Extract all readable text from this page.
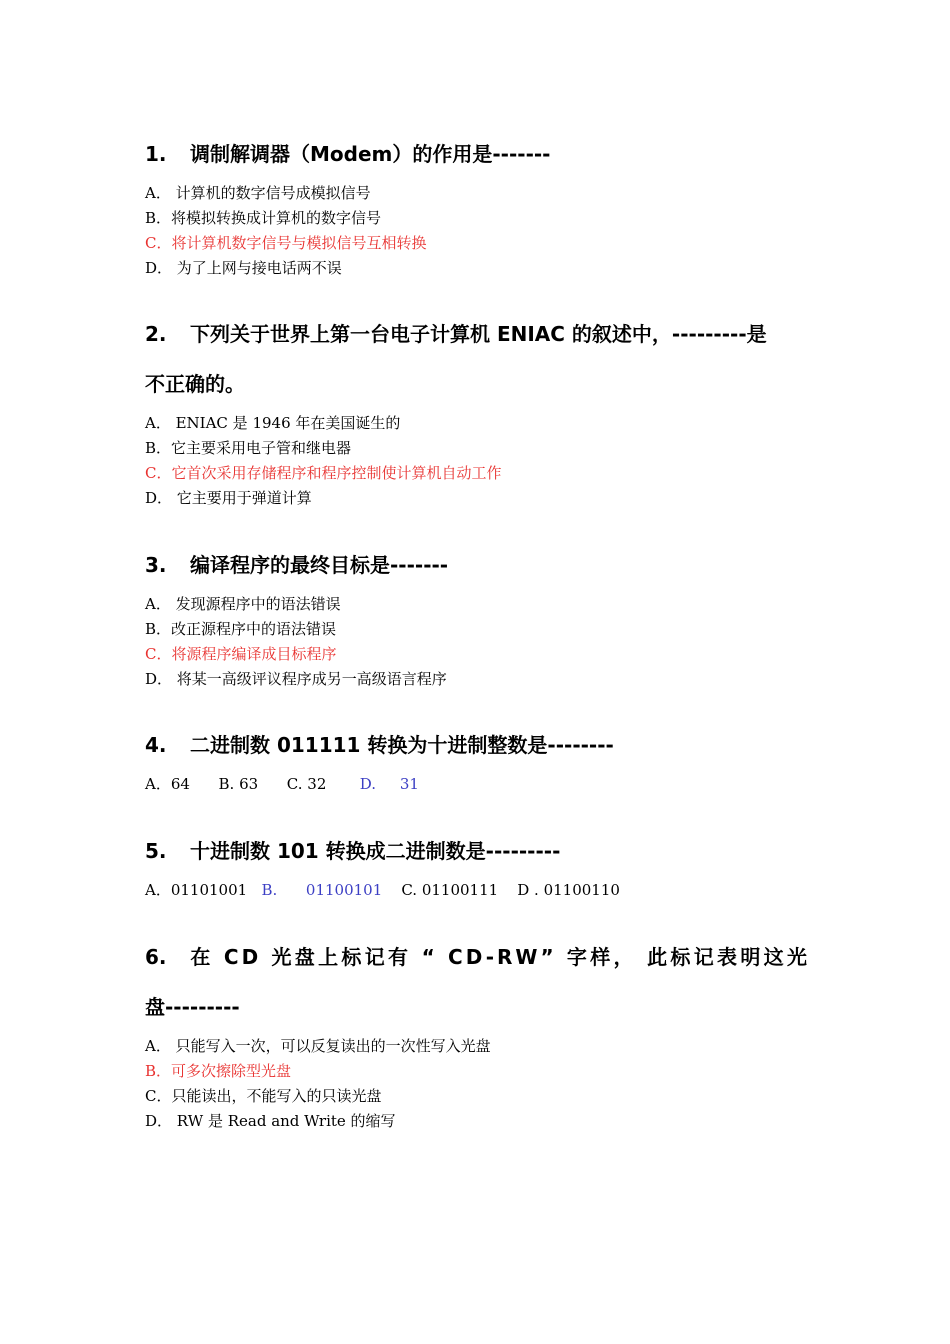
1. 调制解调器（Modem）的作用是-------

A． 计算机的数字信号成模拟信号

B．将模拟转换成计算机的数字信号

C．将计算机数字信号与模拟信号互相转换

D． 为了上网与接电话两不误

2. 下列关于世界上第一台电子计算机 ENIAC 的叙述中，---------是

不正确的。

A． ENIAC 是 1946 年在美国诞生的

B．它主要采用电子管和继电器

C．它首次采用存储程序和程序控制使计算机自动工作

D． 它主要用于弹道计算

3. 编译程序的最终目标是-------

A． 发现源程序中的语法错误

B．改正源程序中的语法错误

C．将源程序编译成目标程序

D． 将某一高级评议程序成另一高级语言程序

4. 二进制数 011111 转换为十进制整数是--------

A．64 B. 63 C. 32 D. 31

5. 十进制数 101 转换成二进制数是---------

A．01101001 B. 01100101 C. 01100111 D . 01100110

6. 在 CD 光盘上标记有 “ CD-RW” 字样， 此标记表明这光

盘---------

A． 只能写入一次，可以反复读出的一次性写入光盘

B．可多次擦除型光盘

C．只能读出，不能写入的只读光盘

D． RW 是 Read and Write 的缩写
